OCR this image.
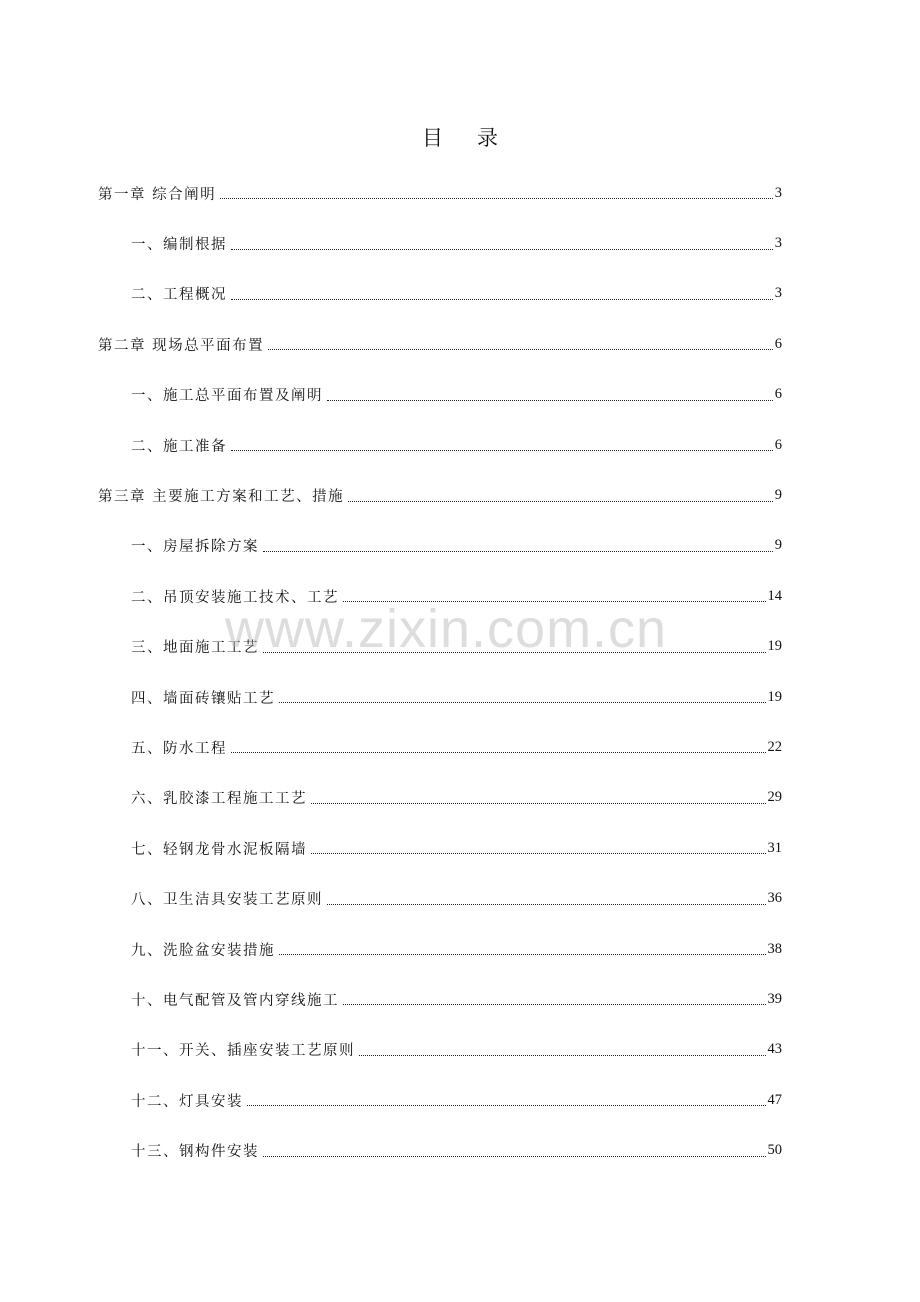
目 录
第一章 综合阐明	3
一、编制根据	3
二、工程概况	3
第二章 现场总平面布置	6
一、施工总平面布置及阐明	6
二、施工准备	6
第三章 主要施工方案和工艺、措施	9
一、房屋拆除方案	9
二、吊顶安装施工技术、工艺	14
三、地面施工工艺	19
四、墙面砖镶贴工艺	19
五、防水工程	22
六、乳胶漆工程施工工艺	29
七、轻钢龙骨水泥板隔墙	31
八、卫生洁具安装工艺原则	36
九、洗脸盆安装措施	38
十、电气配管及管内穿线施工	39
十一、开关、插座安装工艺原则	43
十二、灯具安装	47
十三、钢构件安装	50
www.zixin.com.cn
